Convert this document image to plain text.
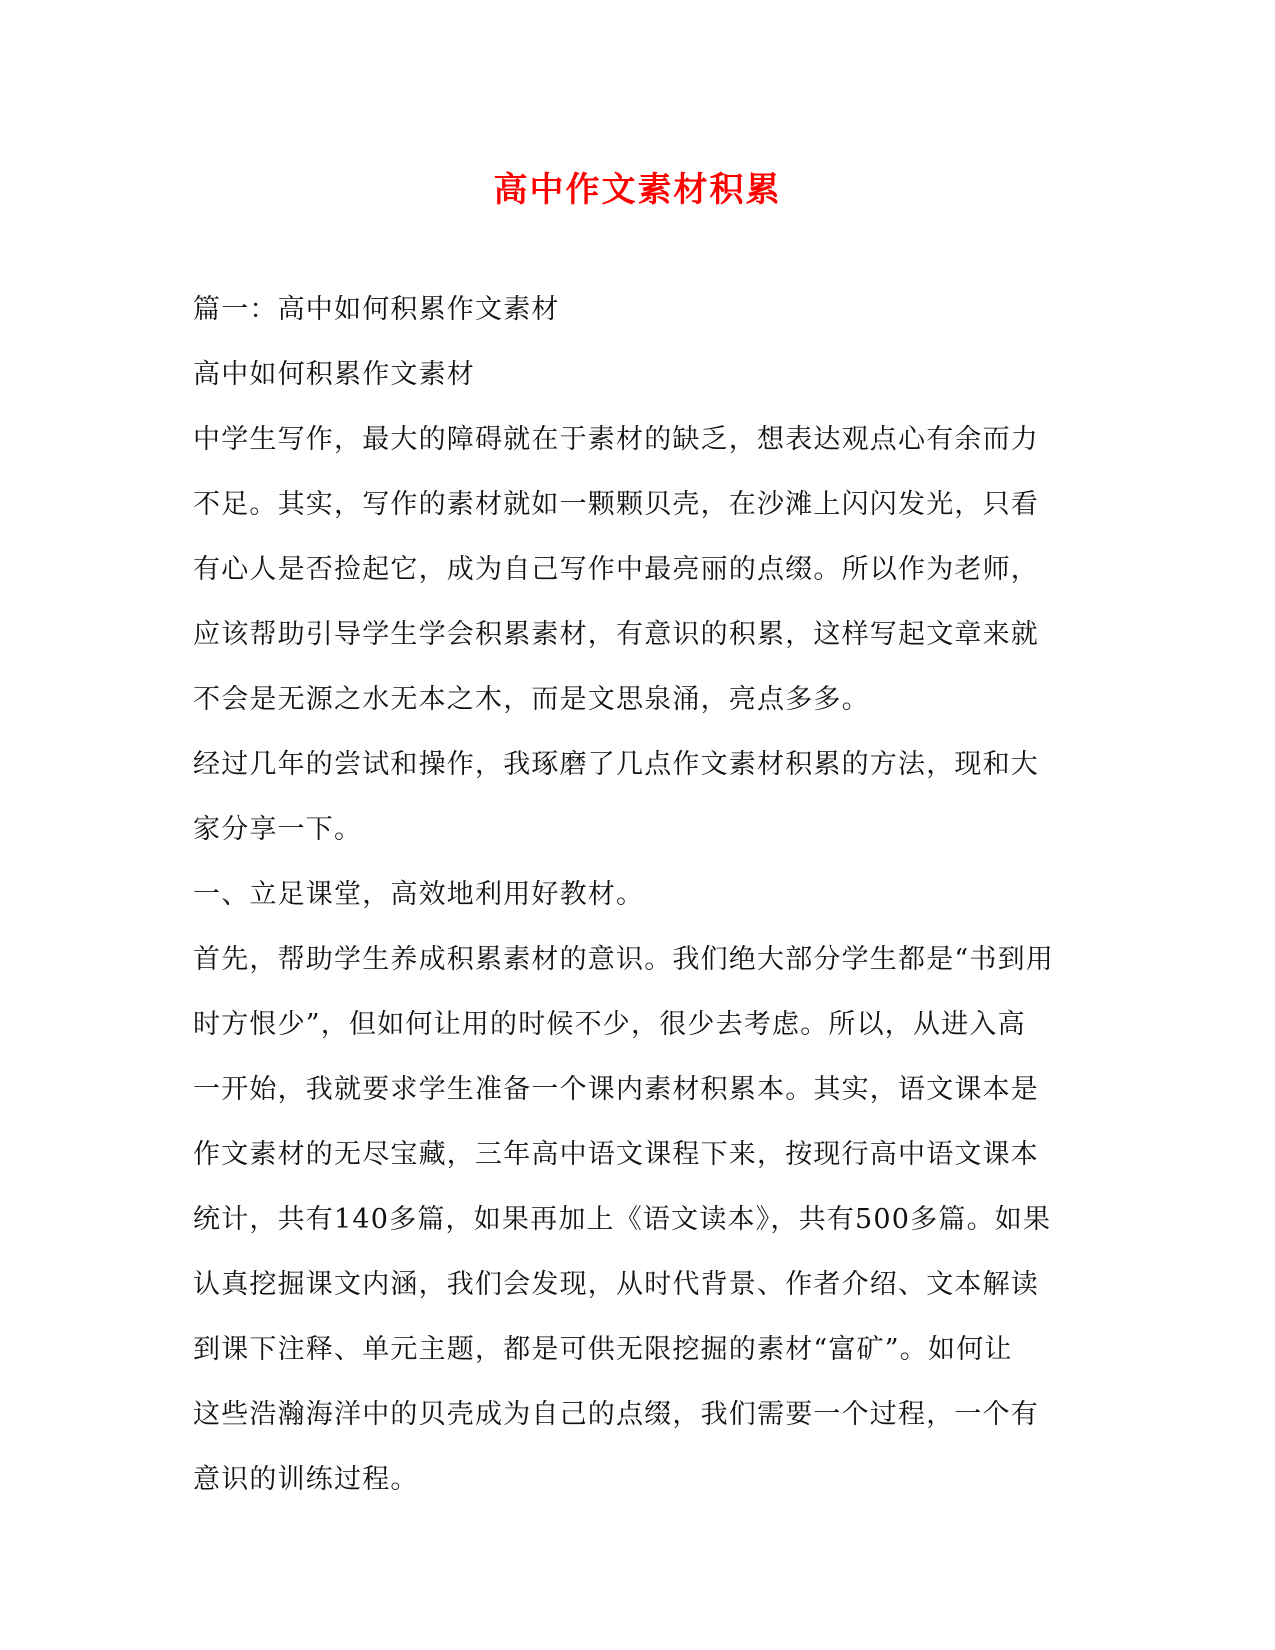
高中作文素材积累
篇一：高中如何积累作文素材
高中如何积累作文素材
中学生写作，最大的障碍就在于素材的缺乏，想表达观点心有余而力
不足。其实，写作的素材就如一颗颗贝壳，在沙滩上闪闪发光，只看
有心人是否捡起它，成为自己写作中最亮丽的点缀。所以作为老师，
应该帮助引导学生学会积累素材，有意识的积累，这样写起文章来就
不会是无源之水无本之木，而是文思泉涌，亮点多多。
经过几年的尝试和操作，我琢磨了几点作文素材积累的方法，现和大
家分享一下。
一、立足课堂，高效地利用好教材。
首先，帮助学生养成积累素材的意识。我们绝大部分学生都是“书到用
时方恨少”，但如何让用的时候不少，很少去考虑。所以，从进入高
一开始，我就要求学生准备一个课内素材积累本。其实，语文课本是
作文素材的无尽宝藏，三年高中语文课程下来，按现行高中语文课本
统计，共有140多篇，如果再加上《语文读本》，共有500多篇。如果
认真挖掘课文内涵，我们会发现，从时代背景、作者介绍、文本解读
到课下注释、单元主题，都是可供无限挖掘的素材“富矿”。如何让
这些浩瀚海洋中的贝壳成为自己的点缀，我们需要一个过程，一个有
意识的训练过程。
